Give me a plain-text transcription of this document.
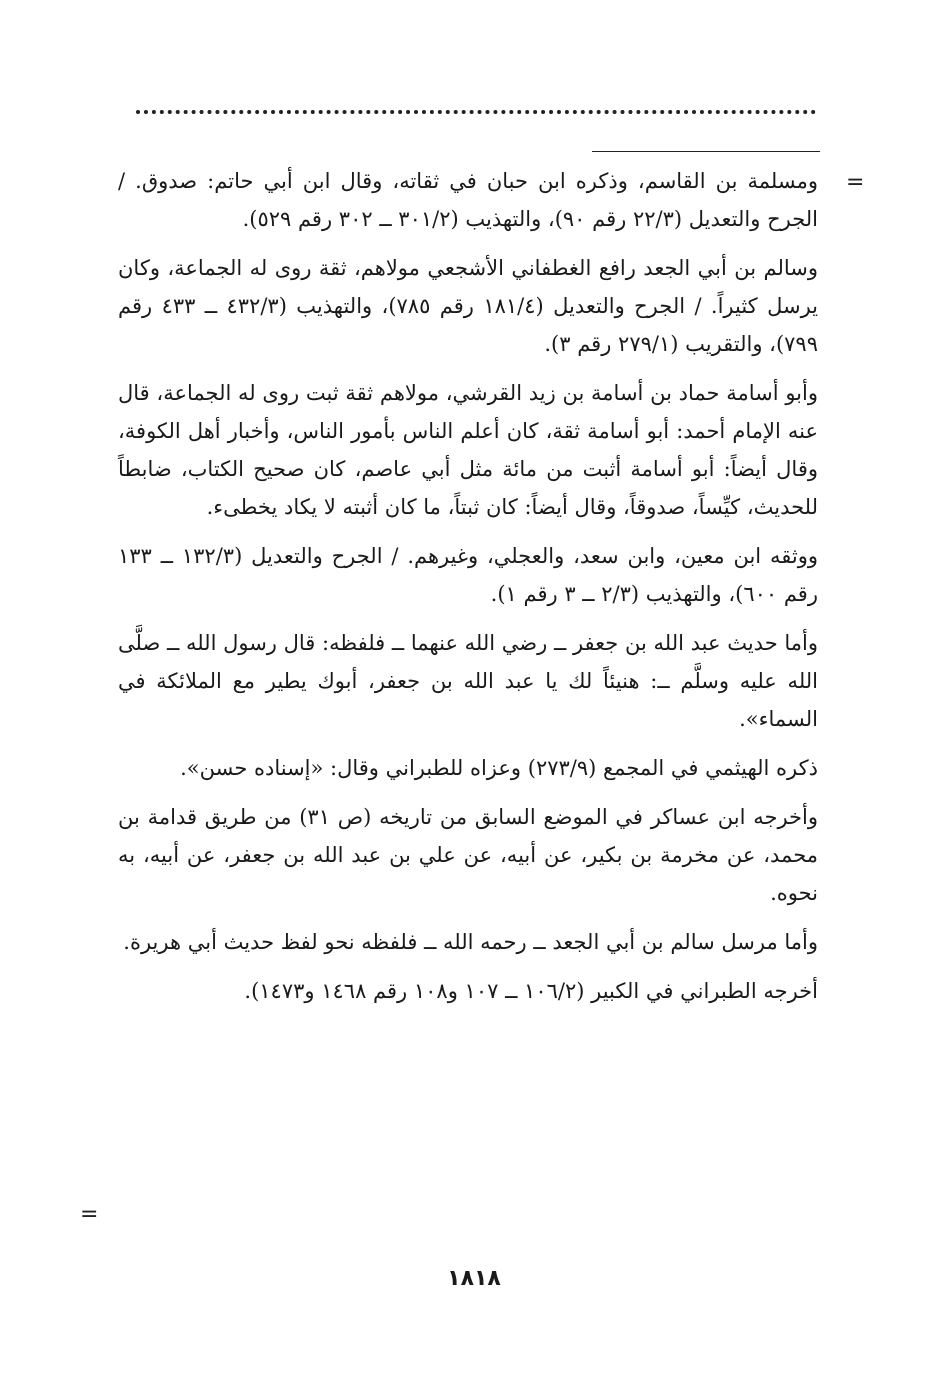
=

ومسلمة بن القاسم، وذكره ابن حبان في ثقاته، وقال ابن أبي حاتم: صدوق. / الجرح والتعديل (٢٢/٣ رقم ٩٠)، والتهذيب (٣٠١/٢ ــ ٣٠٢ رقم ٥٢٩).

وسالم بن أبي الجعد رافع الغطفاني الأشجعي مولاهم، ثقة روى له الجماعة، وكان يرسل كثيراً. / الجرح والتعديل (١٨١/٤ رقم ٧٨٥)، والتهذيب (٤٣٢/٣ ــ ٤٣٣ رقم ٧٩٩)، والتقريب (٢٧٩/١ رقم ٣).

وأبو أسامة حماد بن أسامة بن زيد القرشي، مولاهم ثقة ثبت روى له الجماعة، قال عنه الإمام أحمد: أبو أسامة ثقة، كان أعلم الناس بأمور الناس، وأخبار أهل الكوفة، وقال أيضاً: أبو أسامة أثبت من مائة مثل أبي عاصم، كان صحيح الكتاب، ضابطاً للحديث، كيِّساً، صدوقاً، وقال أيضاً: كان ثبتاً، ما كان أثبته لا يكاد يخطىء.

ووثقه ابن معين، وابن سعد، والعجلي، وغيرهم. / الجرح والتعديل (١٣٢/٣ ــ ١٣٣ رقم ٦٠٠)، والتهذيب (٢/٣ ــ ٣ رقم ١).

وأما حديث عبد الله بن جعفر ــ رضي الله عنهما ــ فلفظه: قال رسول الله ــ صلَّى الله عليه وسلَّم ــ: هنيئاً لك يا عبد الله بن جعفر، أبوك يطير مع الملائكة في السماء».

ذكره الهيثمي في المجمع (٢٧٣/٩) وعزاه للطبراني وقال: «إسناده حسن».

وأخرجه ابن عساكر في الموضع السابق من تاريخه (ص ٣١) من طريق قدامة بن محمد، عن مخرمة بن بكير، عن أبيه، عن علي بن عبد الله بن جعفر، عن أبيه، به نحوه.

وأما مرسل سالم بن أبي الجعد ــ رحمه الله ــ فلفظه نحو لفظ حديث أبي هريرة.

أخرجه الطبراني في الكبير (١٠٦/٢ ــ ١٠٧ و١٠٨ رقم ١٤٦٨ و١٤٧٣).

=
١٨١٨
